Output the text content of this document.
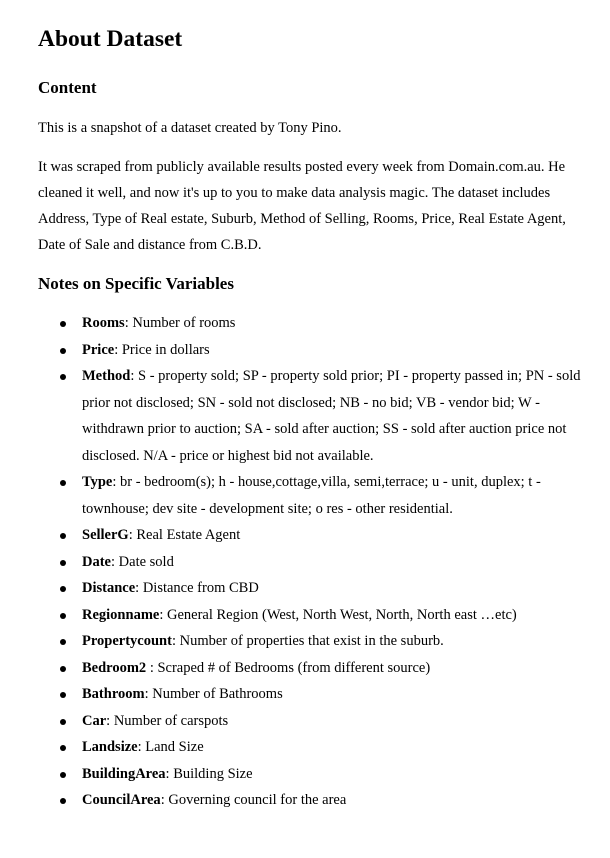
About Dataset
Content

This is a snapshot of a dataset created by Tony Pino.

It was scraped from publicly available results posted every week from Domain.com.au. He cleaned it well, and now it's up to you to make data analysis magic. The dataset includes Address, Type of Real estate, Suburb, Method of Selling, Rooms, Price, Real Estate Agent, Date of Sale and distance from C.B.D.

Notes on Specific Variables
Rooms: Number of rooms
Price: Price in dollars
Method: S - property sold; SP - property sold prior; PI - property passed in; PN - sold prior not disclosed; SN - sold not disclosed; NB - no bid; VB - vendor bid; W - withdrawn prior to auction; SA - sold after auction; SS - sold after auction price not disclosed. N/A - price or highest bid not available.
Type: br - bedroom(s); h - house,cottage,villa, semi,terrace; u - unit, duplex; t - townhouse; dev site - development site; o res - other residential.
SellerG: Real Estate Agent
Date: Date sold
Distance: Distance from CBD
Regionname: General Region (West, North West, North, North east …etc)
Propertycount: Number of properties that exist in the suburb.
Bedroom2 : Scraped # of Bedrooms (from different source)
Bathroom: Number of Bathrooms
Car: Number of carspots
Landsize: Land Size
BuildingArea: Building Size
CouncilArea: Governing council for the area
